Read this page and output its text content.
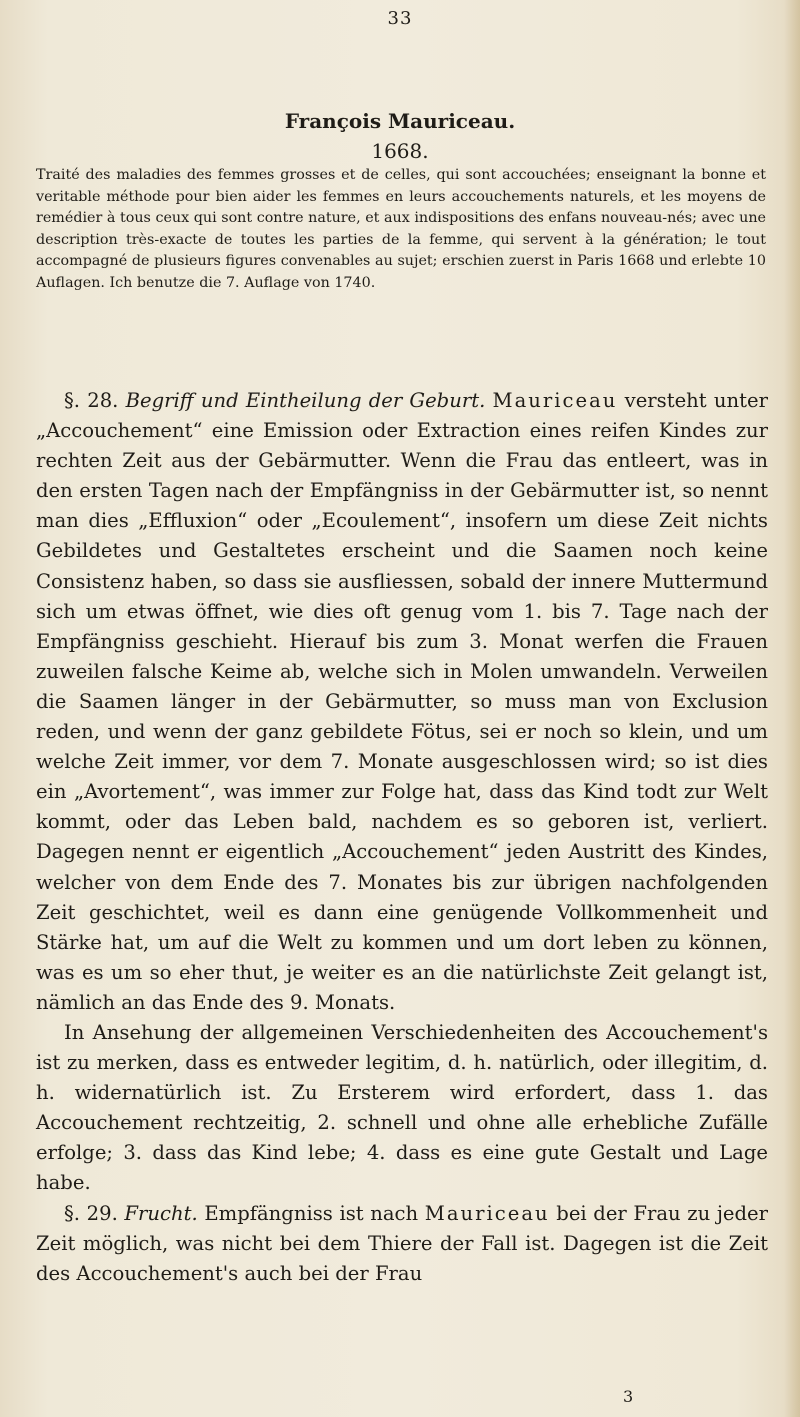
33
François Mauriceau.
1668.
Traité des maladies des femmes grosses et de celles, qui sont accouchées; enseignant la bonne et veritable méthode pour bien aider les femmes en leurs accouchements naturels, et les moyens de remédier à tous ceux qui sont contre nature, et aux indispositions des enfans nouveau-nés; avec une description très-exacte de toutes les parties de la femme, qui servent à la génération; le tout accompagné de plusieurs figures convenables au sujet; erschien zuerst in Paris 1668 und erlebte 10 Auflagen. Ich benutze die 7. Auflage von 1740.

§. 28. Begriff und Eintheilung der Geburt. Mauriceau versteht unter „Accouchement“ eine Emission oder Extraction eines reifen Kindes zur rechten Zeit aus der Gebärmutter. Wenn die Frau das entleert, was in den ersten Tagen nach der Empfängniss in der Gebärmutter ist, so nennt man dies „Effluxion“ oder „Ecoulement“, insofern um diese Zeit nichts Gebildetes und Gestaltetes erscheint und die Saamen noch keine Consistenz haben, so dass sie ausfliessen, sobald der innere Muttermund sich um etwas öffnet, wie dies oft genug vom 1. bis 7. Tage nach der Empfängniss geschieht. Hierauf bis zum 3. Monat werfen die Frauen zuweilen falsche Keime ab, welche sich in Molen umwandeln. Verweilen die Saamen länger in der Gebärmutter, so muss man von Exclusion reden, und wenn der ganz gebildete Fötus, sei er noch so klein, und um welche Zeit immer, vor dem 7. Monate ausgeschlossen wird; so ist dies ein „Avortement“, was immer zur Folge hat, dass das Kind todt zur Welt kommt, oder das Leben bald, nachdem es so geboren ist, verliert. Dagegen nennt er eigentlich „Accouchement“ jeden Austritt des Kindes, welcher von dem Ende des 7. Monates bis zur übrigen nachfolgenden Zeit geschichtet, weil es dann eine genügende Vollkommenheit und Stärke hat, um auf die Welt zu kommen und um dort leben zu können, was es um so eher thut, je weiter es an die natürlichste Zeit gelangt ist, nämlich an das Ende des 9. Monats.

In Ansehung der allgemeinen Verschiedenheiten des Accouchement's ist zu merken, dass es entweder legitim, d. h. natürlich, oder illegitim, d. h. widernatürlich ist. Zu Ersterem wird erfordert, dass 1. das Accouchement rechtzeitig, 2. schnell und ohne alle erhebliche Zufälle erfolge; 3. dass das Kind lebe; 4. dass es eine gute Gestalt und Lage habe.

§. 29. Frucht. Empfängniss ist nach Mauriceau bei der Frau zu jeder Zeit möglich, was nicht bei dem Thiere der Fall ist. Dagegen ist die Zeit des Accouchement's auch bei der Frau

3
